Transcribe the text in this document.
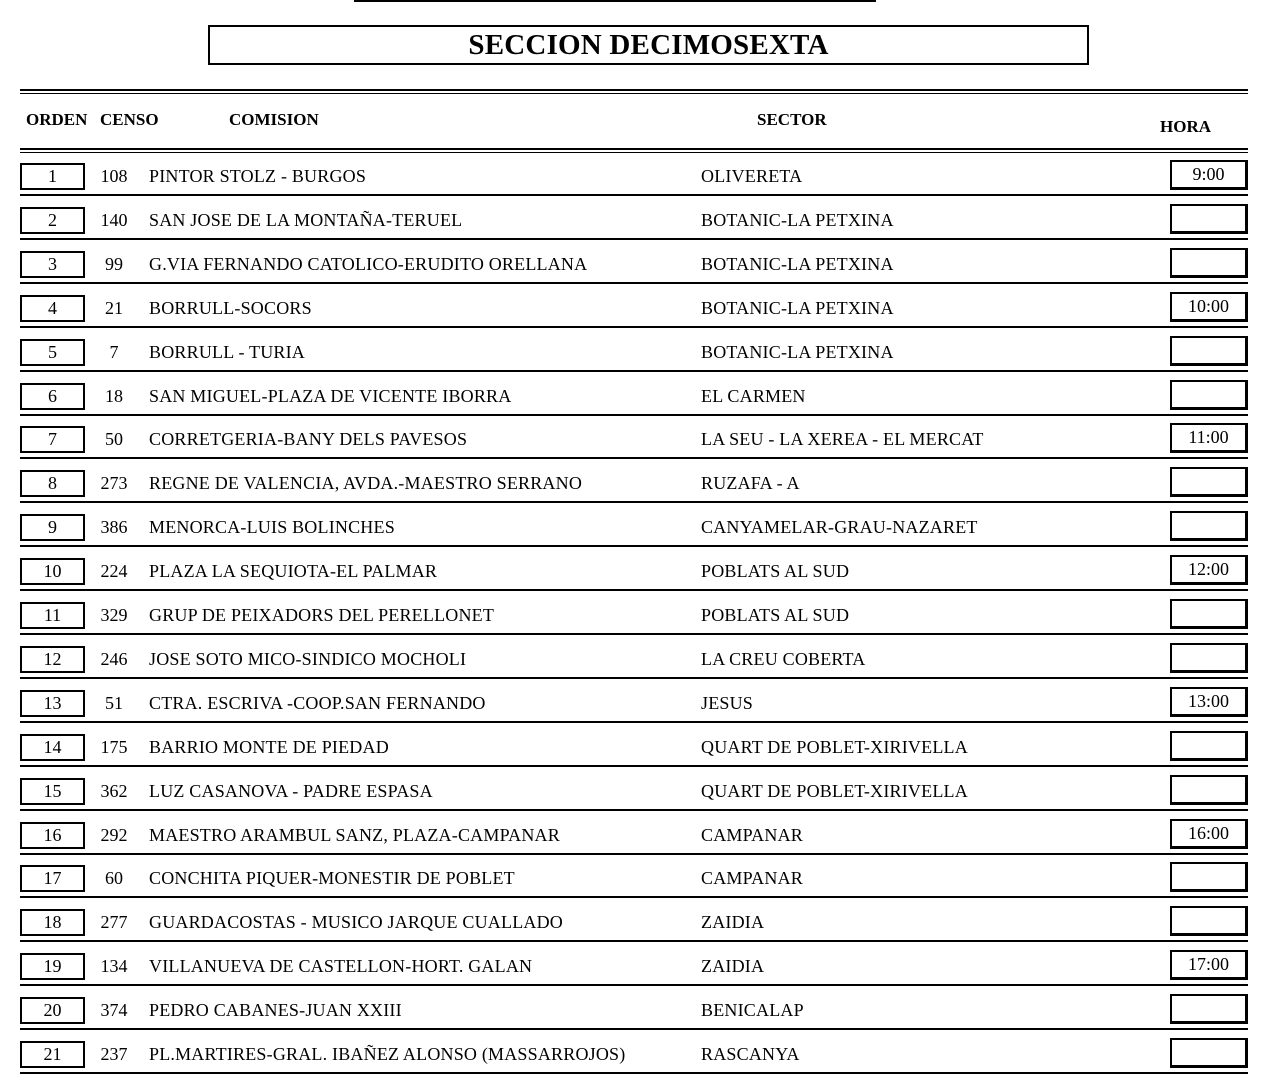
SECCION DECIMOSEXTA
ORDEN CENSO	COMISION	SECTOR	HORA
1	108	PINTOR STOLZ - BURGOS	OLIVERETA	9:00
2	140	SAN JOSE DE LA MONTAÑA-TERUEL	BOTANIC-LA PETXINA
3	99	G.VIA FERNANDO CATOLICO-ERUDITO ORELLANA	BOTANIC-LA PETXINA
4	21	BORRULL-SOCORS	BOTANIC-LA PETXINA	10:00
5	7	BORRULL - TURIA	BOTANIC-LA PETXINA
6	18	SAN MIGUEL-PLAZA DE VICENTE IBORRA	EL CARMEN
7	50	CORRETGERIA-BANY DELS PAVESOS	LA SEU - LA XEREA - EL MERCAT	11:00
8	273	REGNE DE VALENCIA, AVDA.-MAESTRO SERRANO	RUZAFA - A
9	386	MENORCA-LUIS BOLINCHES	CANYAMELAR-GRAU-NAZARET
10	224	PLAZA LA SEQUIOTA-EL PALMAR	POBLATS AL SUD	12:00
11	329	GRUP DE PEIXADORS DEL PERELLONET	POBLATS AL SUD
12	246	JOSE SOTO MICO-SINDICO MOCHOLI	LA CREU COBERTA
13	51	CTRA. ESCRIVA -COOP.SAN FERNANDO	JESUS	13:00
14	175	BARRIO MONTE DE PIEDAD	QUART DE POBLET-XIRIVELLA
15	362	LUZ CASANOVA - PADRE ESPASA	QUART DE POBLET-XIRIVELLA
16	292	MAESTRO ARAMBUL SANZ, PLAZA-CAMPANAR	CAMPANAR	16:00
17	60	CONCHITA PIQUER-MONESTIR DE POBLET	CAMPANAR
18	277	GUARDACOSTAS - MUSICO JARQUE CUALLADO	ZAIDIA
19	134	VILLANUEVA DE CASTELLON-HORT. GALAN	ZAIDIA	17:00
20	374	PEDRO CABANES-JUAN XXIII	BENICALAP
21	237	PL.MARTIRES-GRAL. IBAÑEZ ALONSO (MASSARROJOS)	RASCANYA
